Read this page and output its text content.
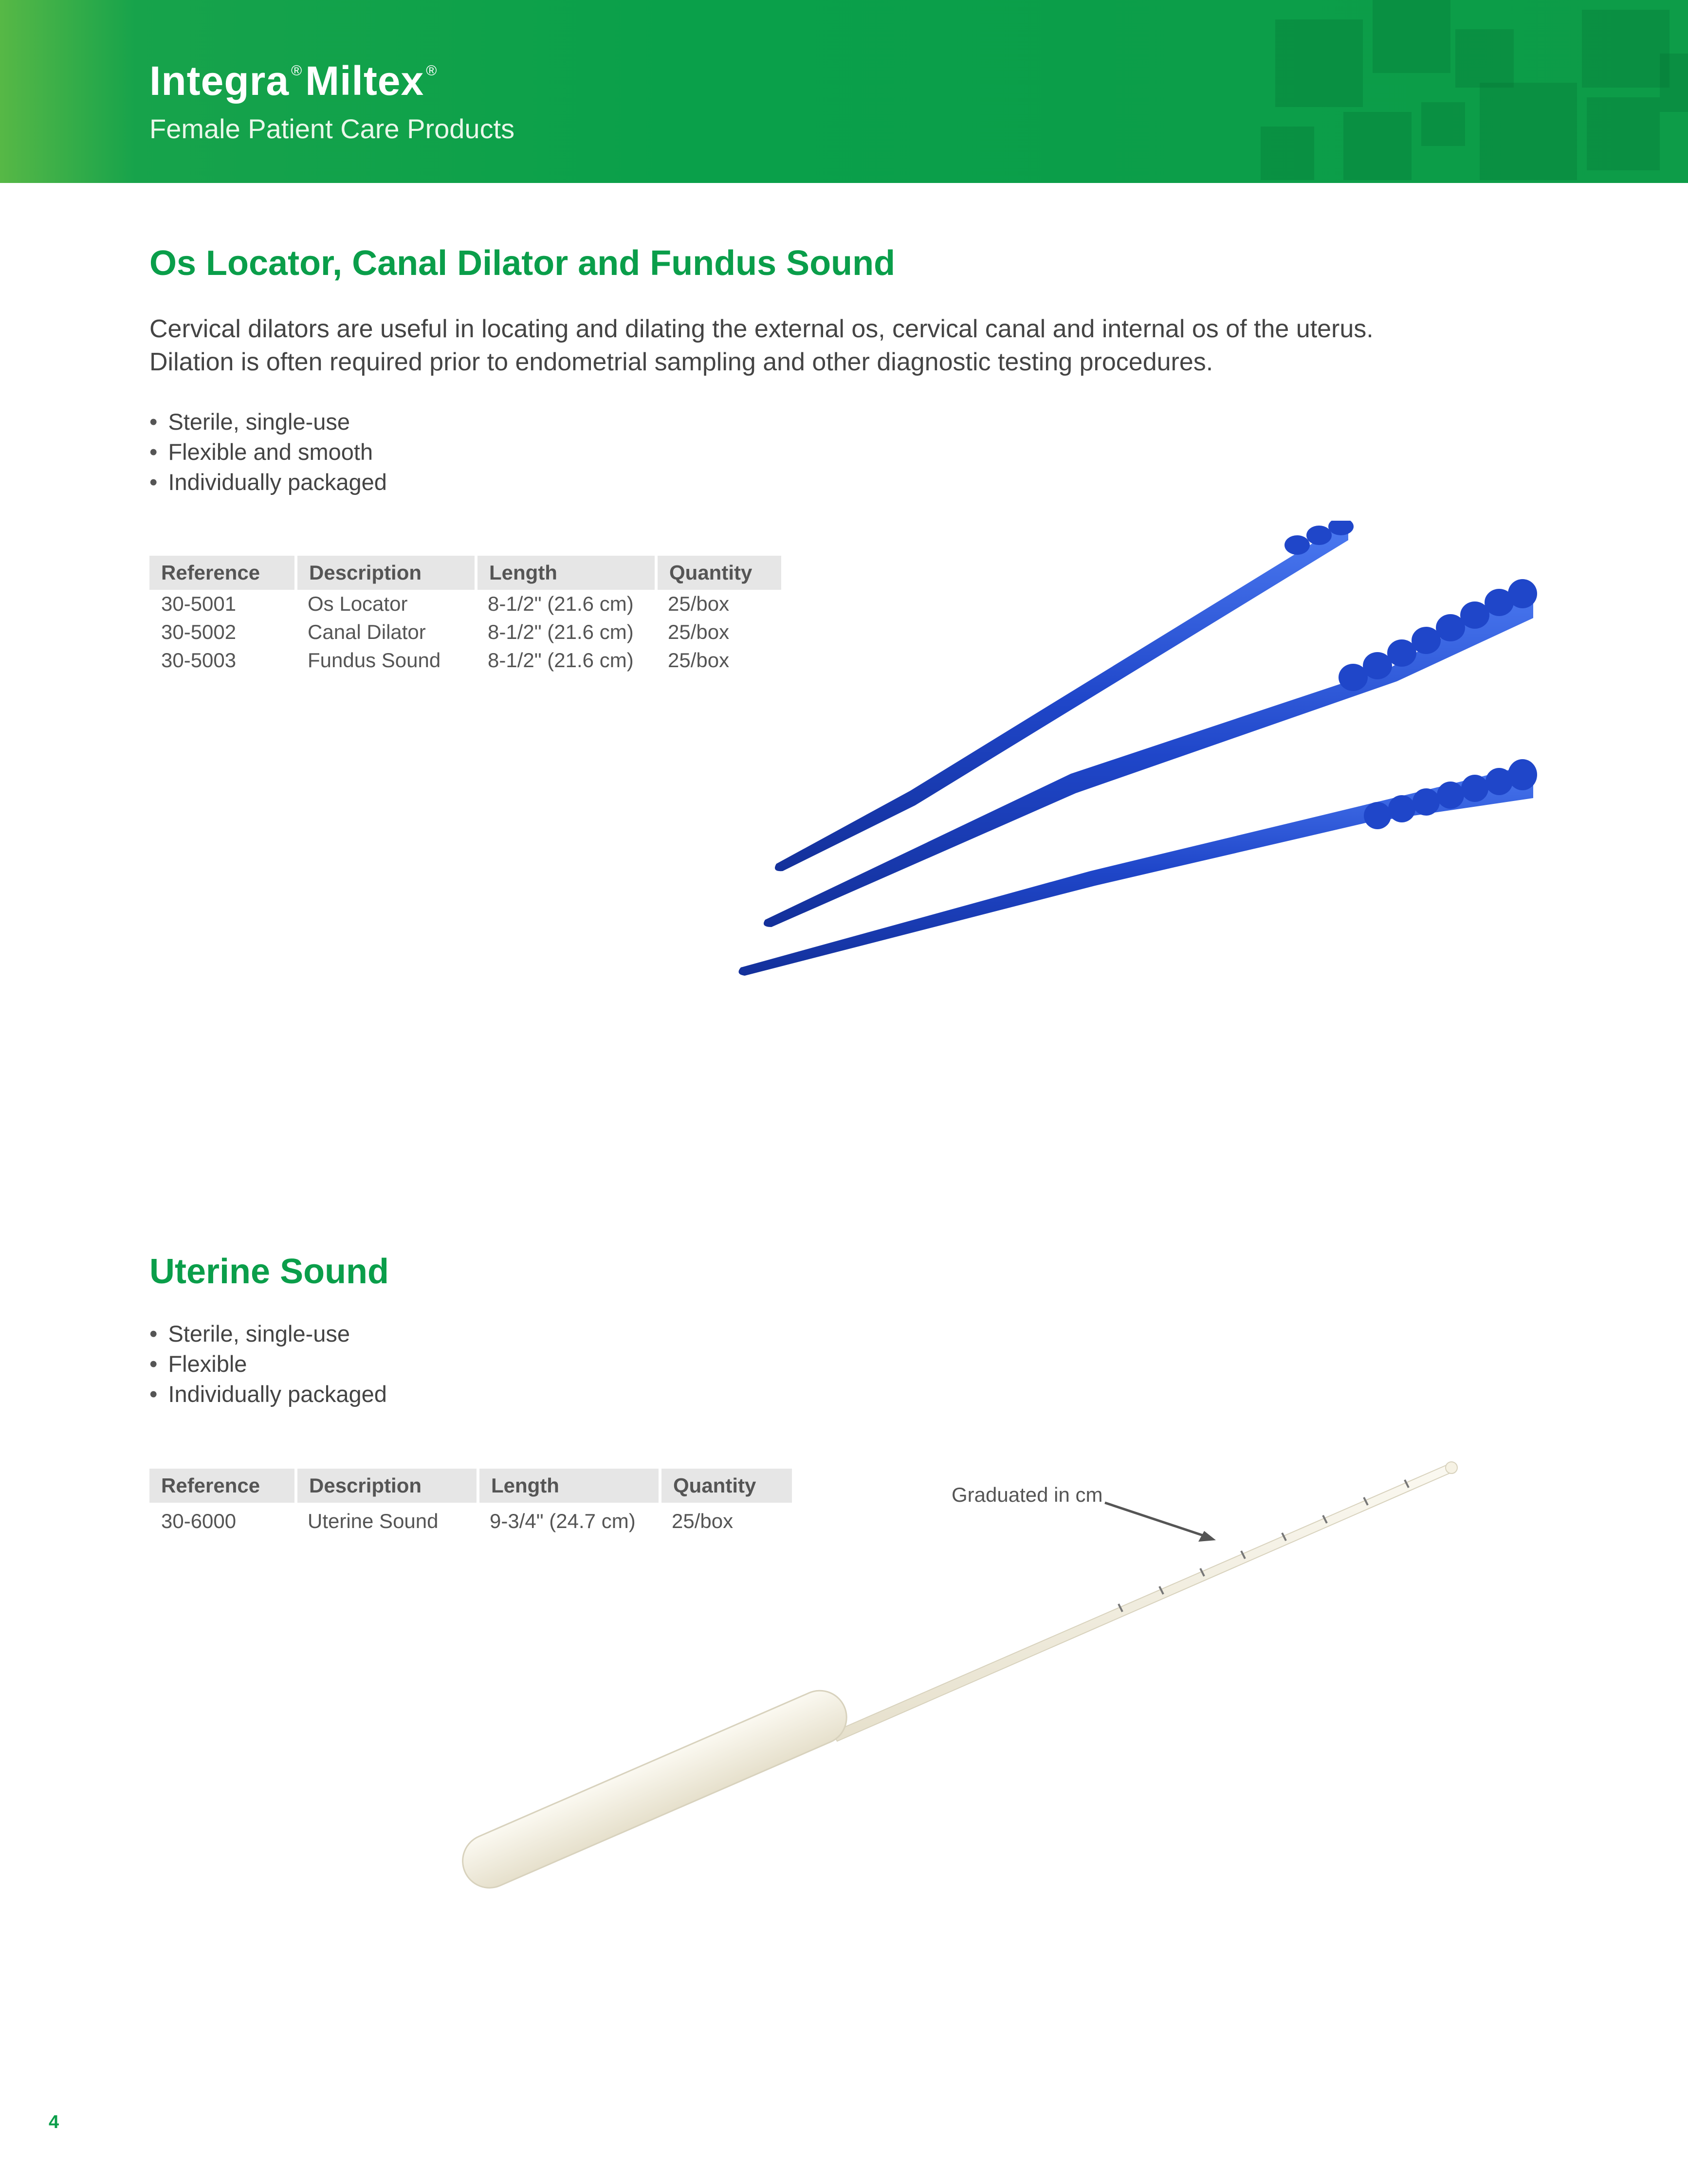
Integra ®Miltex ®
Female Patient Care Products
Os Locator, Canal Dilator and Fundus Sound
Cervical dilators are useful in locating and dilating the external os, cervical canal and internal os of the uterus.
Dilation is often required prior to endometrial sampling and other diagnostic testing procedures.
• Sterile, single-use
• Flexible and smooth
• Individually packaged
Reference	Description	Length	Quantity
30-5001	Os Locator	8-1/2" (21.6 cm)	25/box
30-5002	Canal Dilator	8-1/2" (21.6 cm)	25/box
30-5003	Fundus Sound	8-1/2" (21.6 cm)	25/box
Uterine Sound
• Sterile, single-use
• Flexible
• Individually packaged
Reference	Description	Length	Quantity
30-6000	Uterine Sound	9-3/4" (24.7 cm)	25/box
Graduated in cm
4
